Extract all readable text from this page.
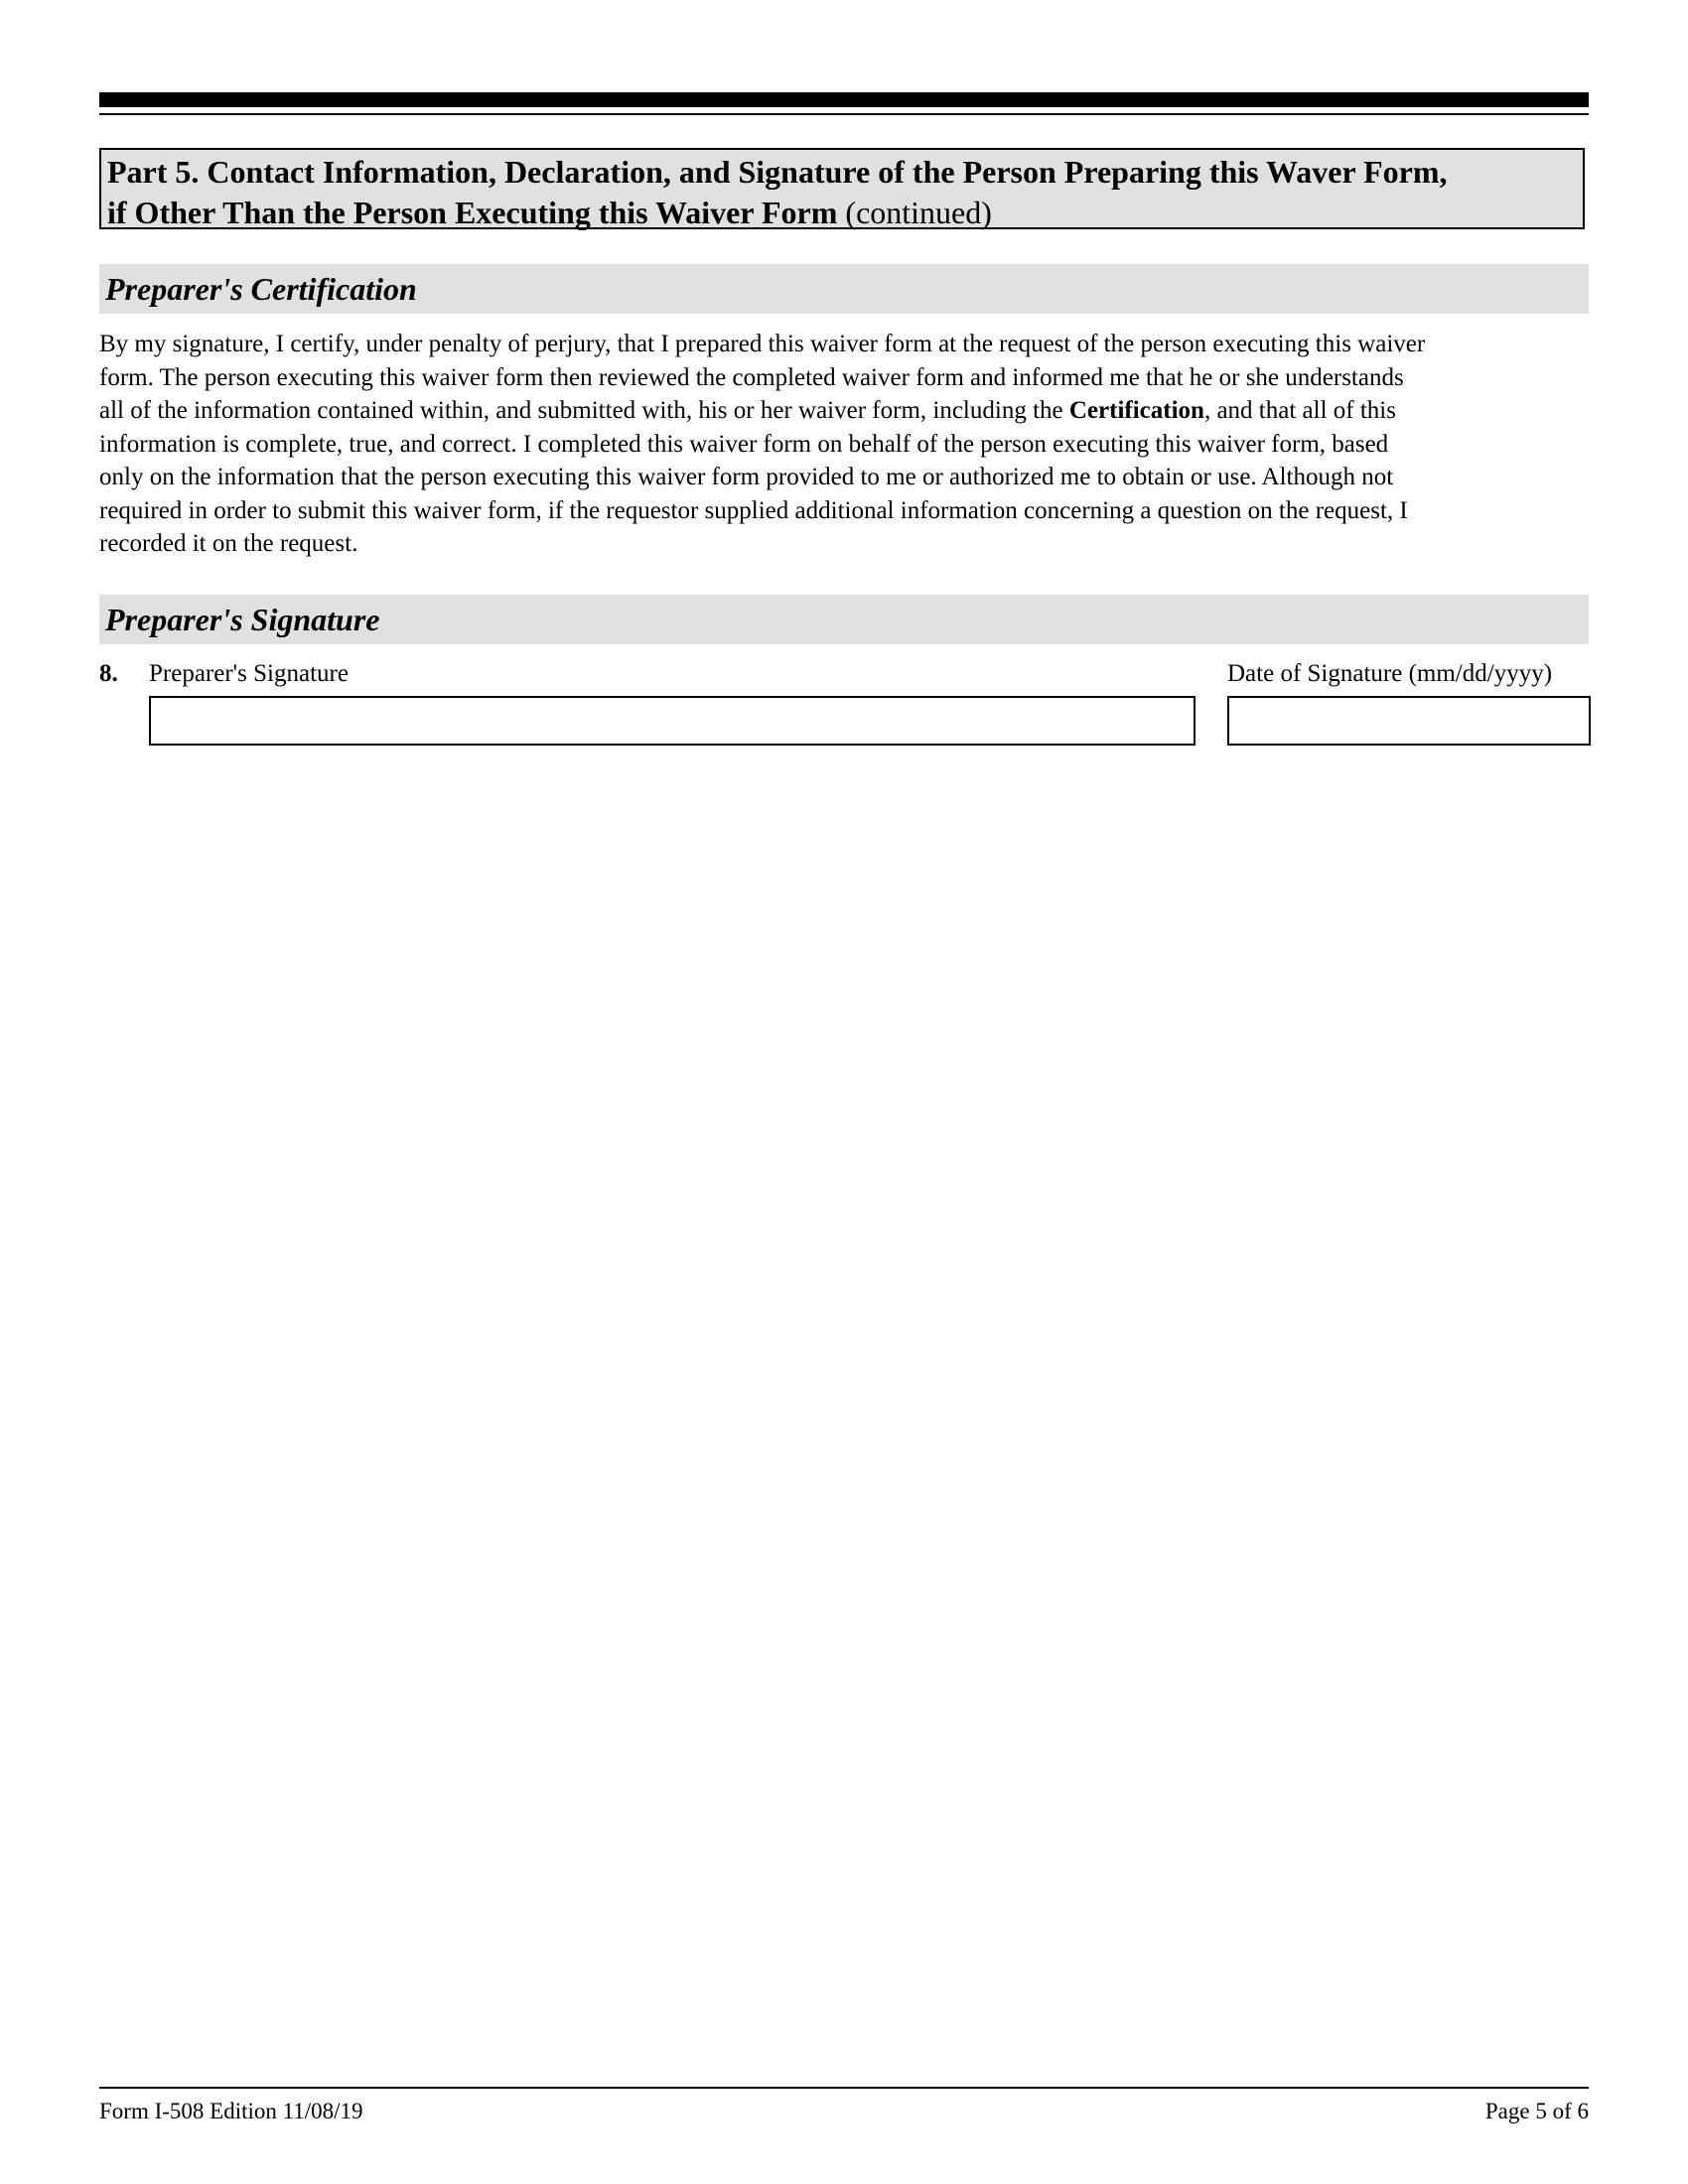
Part 5. Contact Information, Declaration, and Signature of the Person Preparing this Waver Form,
if Other Than the Person Executing this Waiver Form (continued)
Preparer's Certification
By my signature, I certify, under penalty of perjury, that I prepared this waiver form at the request of the person executing this waiver
form. The person executing this waiver form then reviewed the completed waiver form and informed me that he or she understands
all of the information contained within, and submitted with, his or her waiver form, including the Certification, and that all of this
information is complete, true, and correct. I completed this waiver form on behalf of the person executing this waiver form, based
only on the information that the person executing this waiver form provided to me or authorized me to obtain or use. Although not
required in order to submit this waiver form, if the requestor supplied additional information concerning a question on the request, I
recorded it on the request.
Preparer's Signature
8. Preparer's Signature	Date of Signature (mm/dd/yyyy)
Form I-508 Edition 11/08/19	Page 5 of 6
